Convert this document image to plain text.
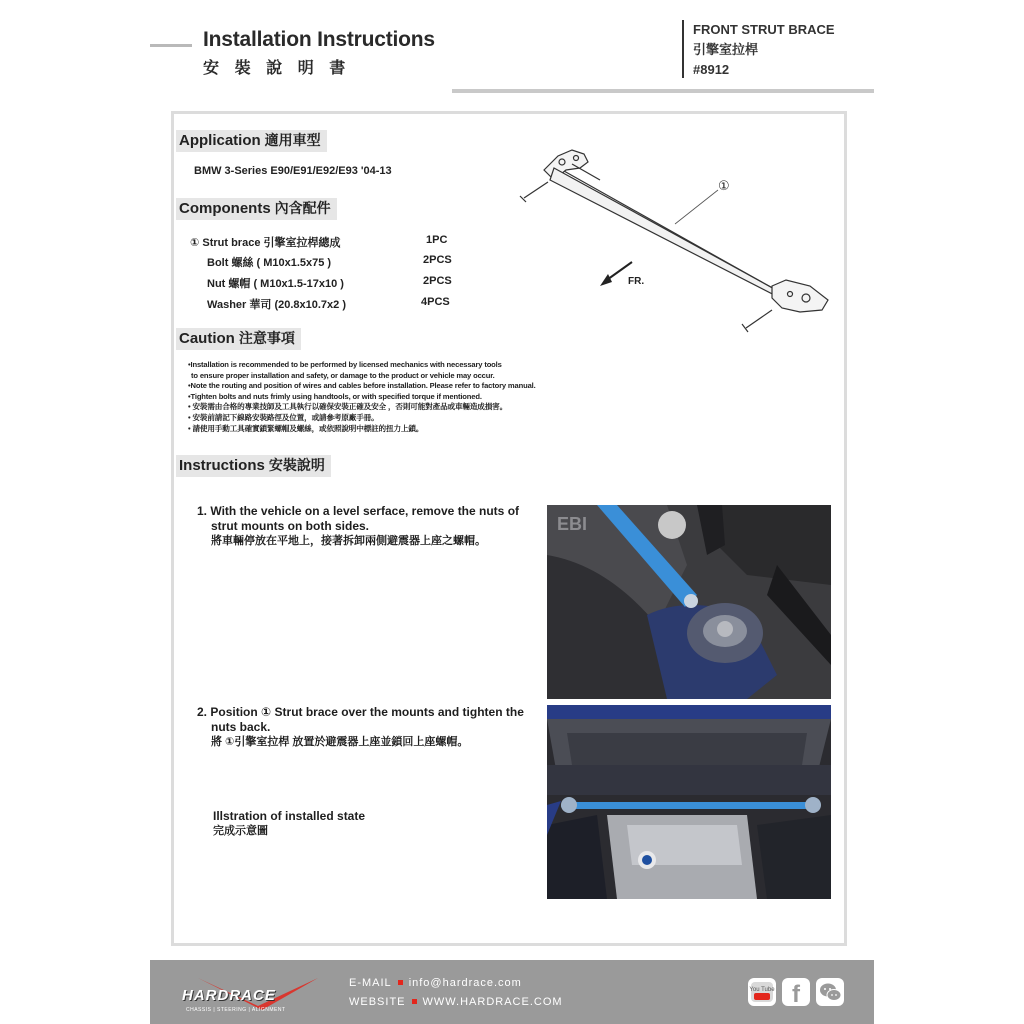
Installation Instructions
安 裝 說 明 書
FRONT STRUT BRACE
引擎室拉桿
#8912
Application 適用車型
BMW 3-Series E90/E91/E92/E93 '04-13
Components 內含配件
① Strut brace 引擎室拉桿總成	1PC
Bolt 螺絲 ( M10x1.5x75 )	2PCS
Nut 螺帽 ( M10x1.5-17x10 )	2PCS
Washer 華司 (20.8x10.7x2 )	4PCS
①
FR.
Caution 注意事項
•Installation is recommended to be performed by licensed mechanics with necessary tools
to ensure proper installation and safety, or damage to the product or vehicle may occur.
•Note the routing and position of wires and cables before installation. Please refer to factory manual.
•Tighten bolts and nuts frimly using handtools, or with specified torque if mentioned.
• 安裝需由合格的專業技師及工具執行以確保安裝正確及安全 ，否則可能對產品或車輛造成損害。
• 安裝前請記下線路安裝路徑及位置，或請參考原廠手冊。
• 請使用手動工具確實鎖緊螺帽及螺絲，或依照說明中標註的扭力上鎖。
Instructions 安裝說明
1. With the vehicle on a level serface, remove the nuts of
strut mounts on both sides.
將車輛停放在平地上，接著拆卸兩側避震器上座之螺帽。
2. Position ① Strut brace over the mounts and tighten the
nuts back.
將 ①引擎室拉桿 放置於避震器上座並鎖回上座螺帽。
Illstration of installed state
完成示意圖
EBI
HARDRACE
CHASSIS | STEERING | ALIGNMENT
E-MAIL info@hardrace.com
WEBSITE WWW.HARDRACE.COM
You Tube f
